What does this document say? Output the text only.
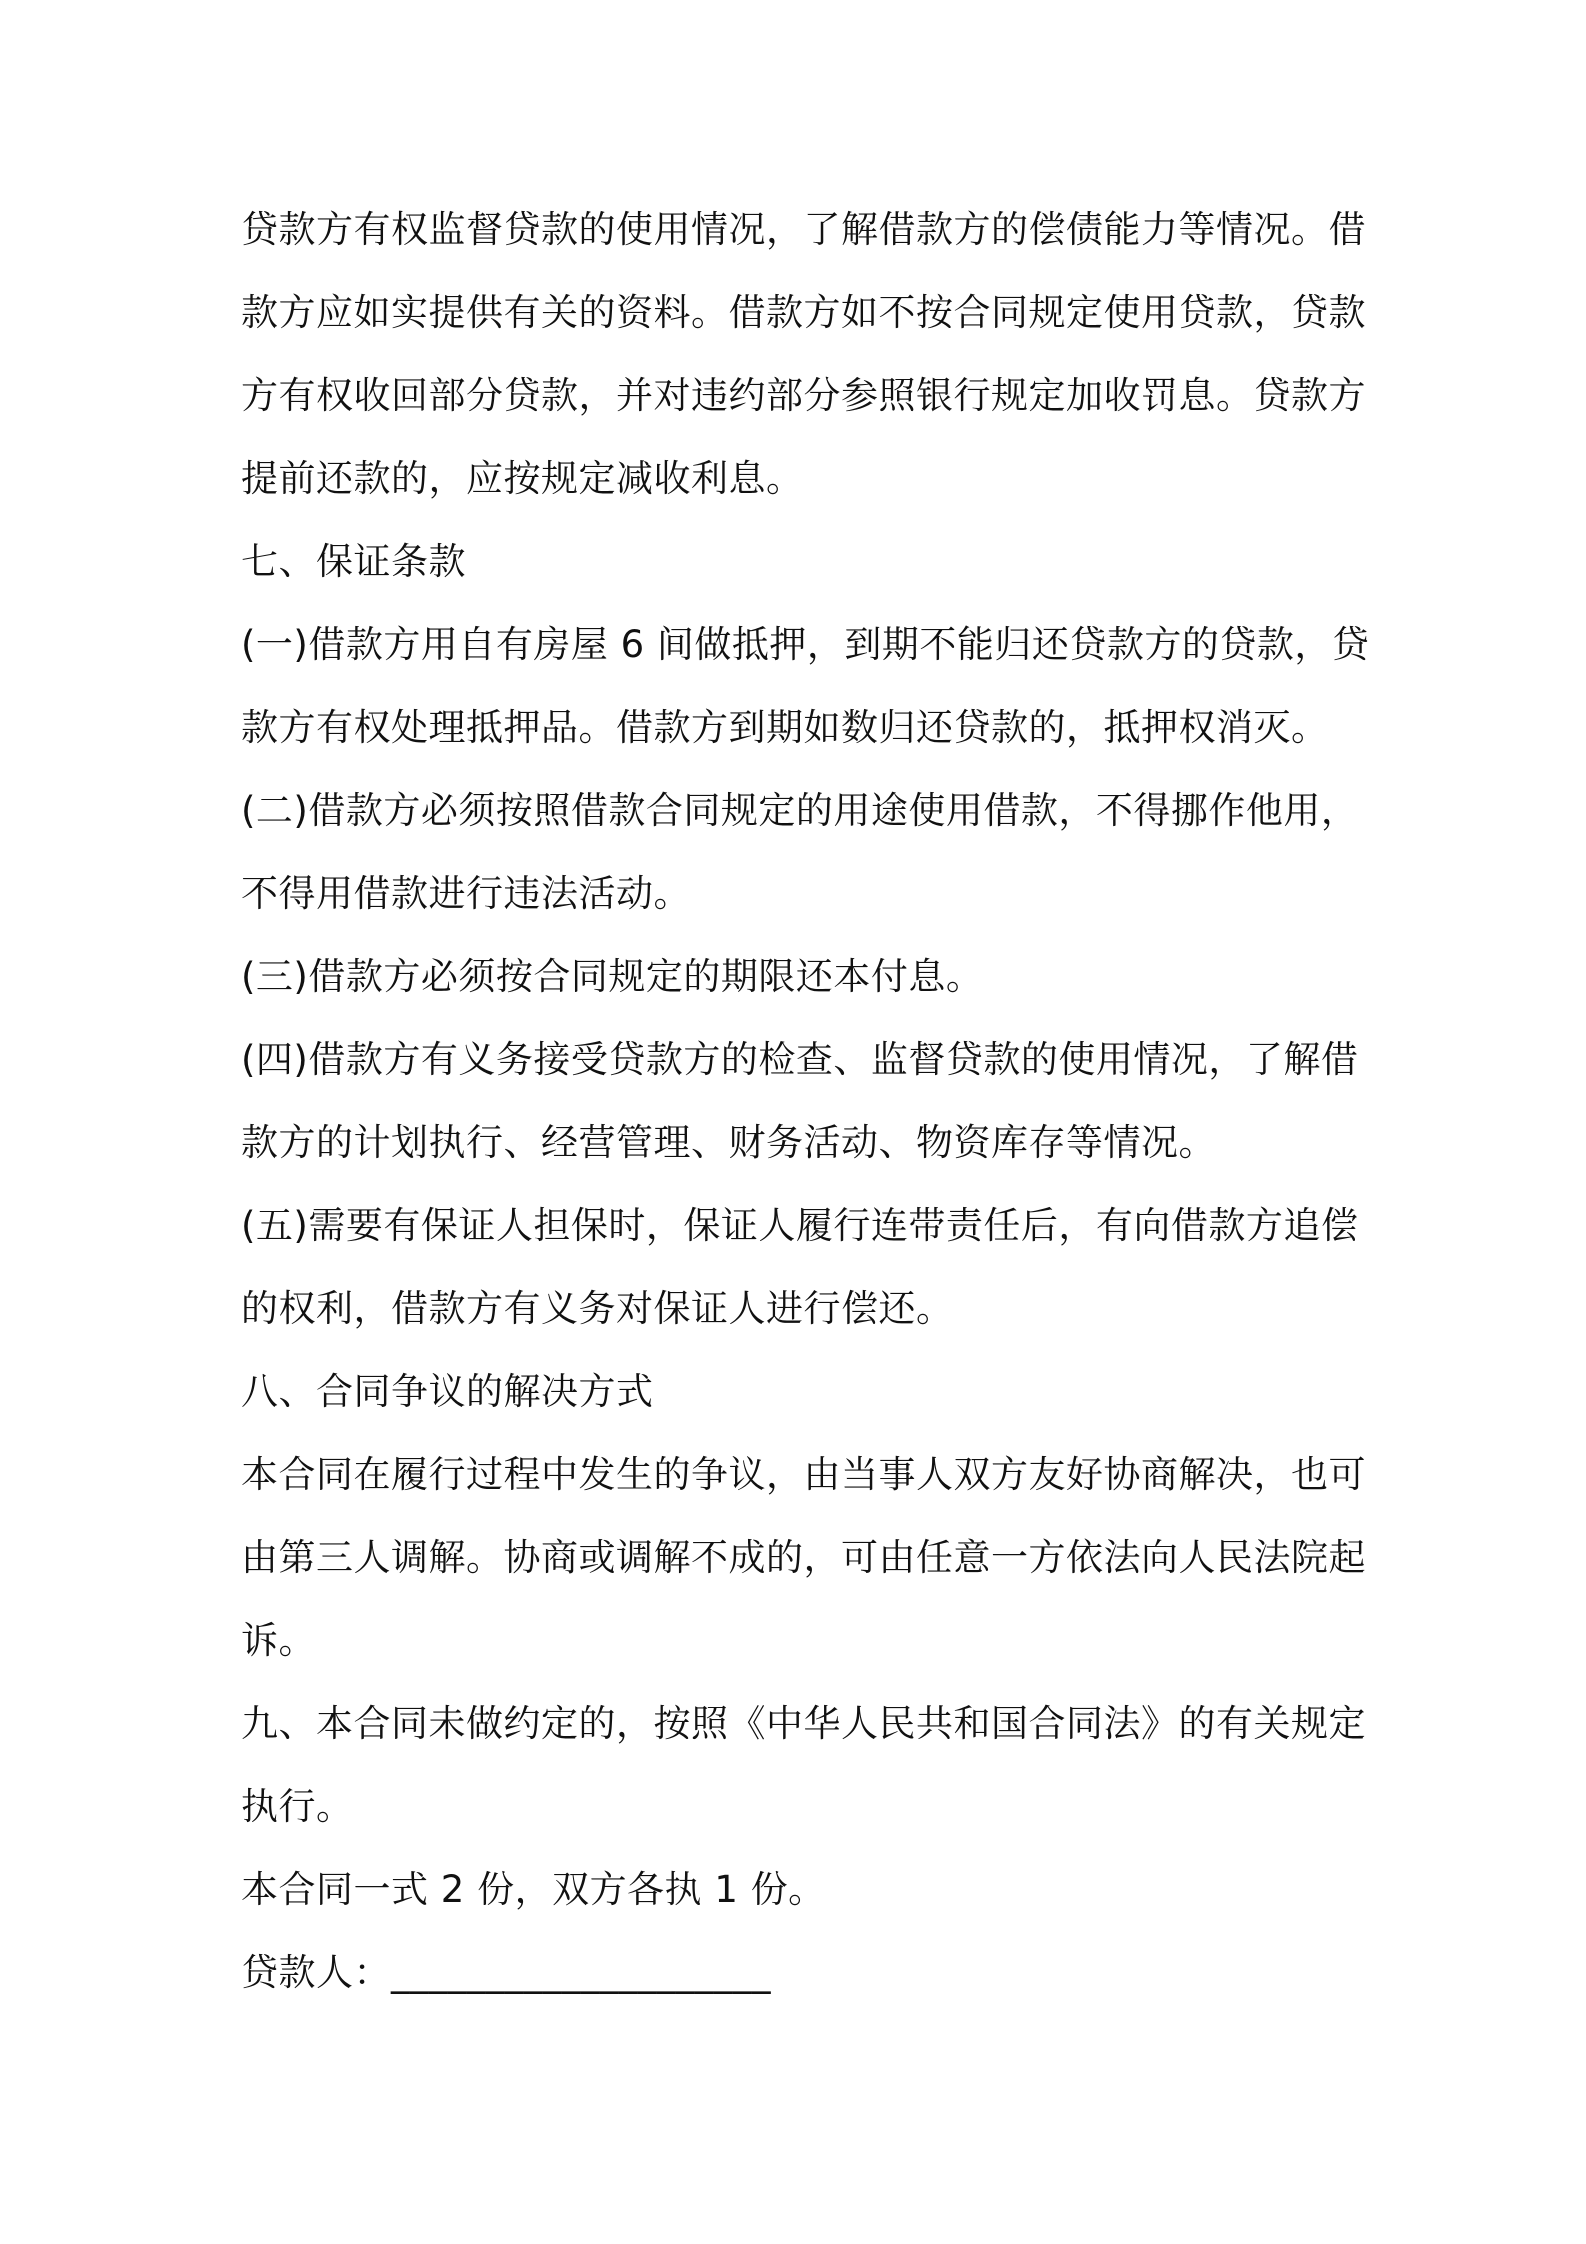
贷款方有权监督贷款的使用情况，了解借款方的偿债能力等情况。借
款方应如实提供有关的资料。借款方如不按合同规定使用贷款，贷款
方有权收回部分贷款，并对违约部分参照银行规定加收罚息。贷款方
提前还款的，应按规定减收利息。
七、保证条款
(一)借款方用自有房屋 6 间做抵押，到期不能归还贷款方的贷款，贷
款方有权处理抵押品。借款方到期如数归还贷款的，抵押权消灭。
(二)借款方必须按照借款合同规定的用途使用借款，不得挪作他用，
不得用借款进行违法活动。
(三)借款方必须按合同规定的期限还本付息。
(四)借款方有义务接受贷款方的检查、监督贷款的使用情况，了解借
款方的计划执行、经营管理、财务活动、物资库存等情况。
(五)需要有保证人担保时，保证人履行连带责任后，有向借款方追偿
的权利，借款方有义务对保证人进行偿还。
八、合同争议的解决方式
本合同在履行过程中发生的争议，由当事人双方友好协商解决，也可
由第三人调解。协商或调解不成的，可由任意一方依法向人民法院起
诉。
九、本合同未做约定的，按照《中华人民共和国合同法》的有关规定
执行。
本合同一式 2 份，双方各执 1 份。
贷款人：____________________
